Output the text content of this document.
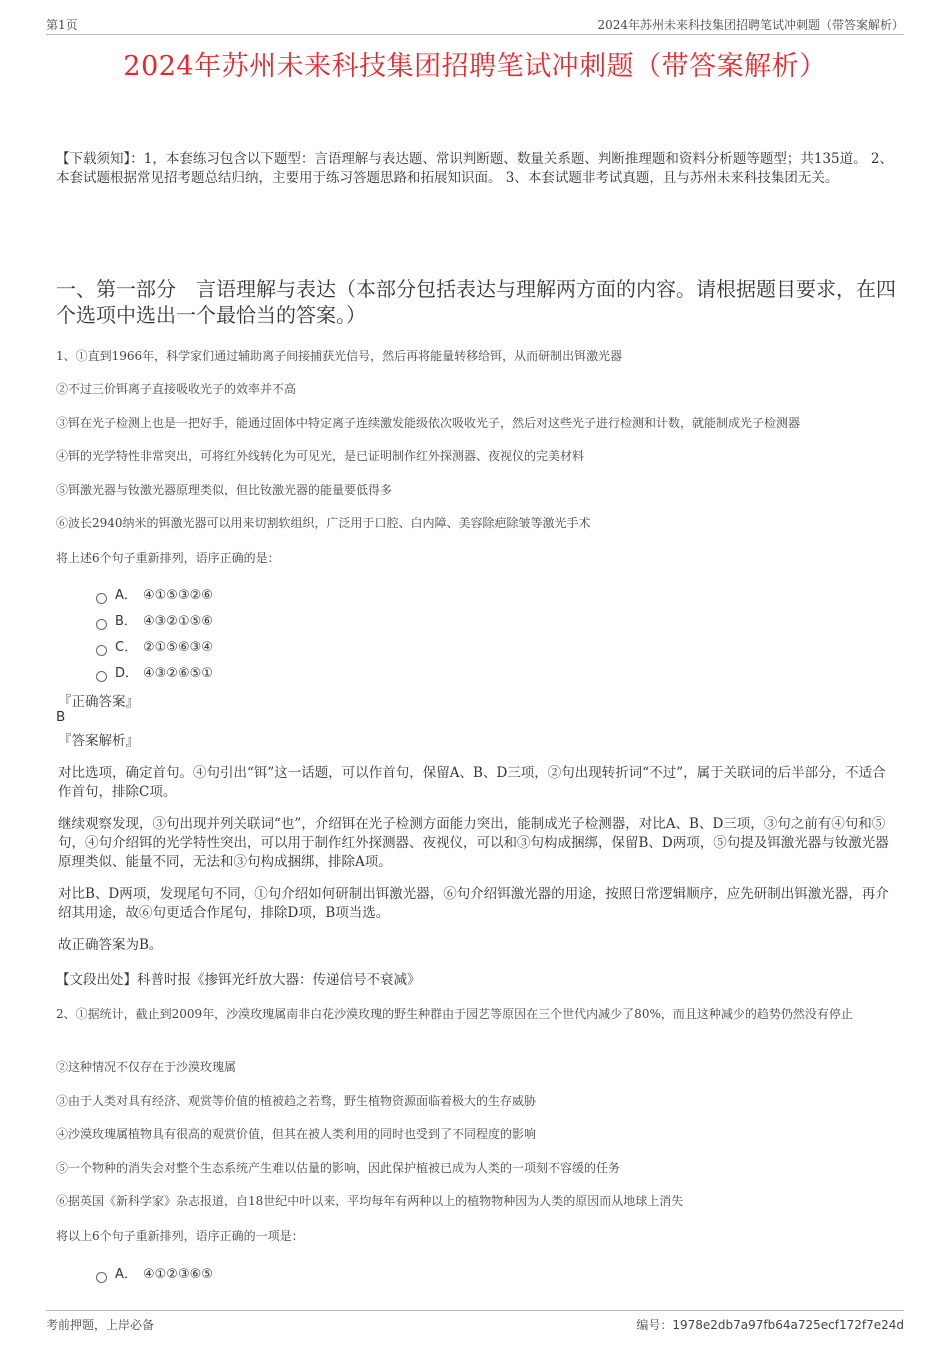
第1页	2024年苏州未来科技集团招聘笔试冲刺题（带答案解析）
2024年苏州未来科技集团招聘笔试冲刺题（带答案解析）
【下载须知】：1，本套练习包含以下题型：言语理解与表达题、常识判断题、数量关系题、判断推理题和资料分析题等题型；共135道。 2、本套试题根据常见招考题总结归纳，主要用于练习答题思路和拓展知识面。 3、本套试题非考试真题，且与苏州未来科技集团无关。
一、第一部分　言语理解与表达（本部分包括表达与理解两方面的内容。请根据题目要求，在四个选项中选出一个最恰当的答案。）
1、①直到1966年，科学家们通过辅助离子间接捕获光信号，然后再将能量转移给铒，从而研制出铒激光器
②不过三价铒离子直接吸收光子的效率并不高
③铒在光子检测上也是一把好手，能通过固体中特定离子连续激发能级依次吸收光子，然后对这些光子进行检测和计数，就能制成光子检测器
④铒的光学特性非常突出，可将红外线转化为可见光，是已证明制作红外探测器、夜视仪的完美材料
⑤铒激光器与钕激光器原理类似，但比钕激光器的能量要低得多
⑥波长2940纳米的铒激光器可以用来切割软组织，广泛用于口腔、白内障、美容除疤除皱等激光手术
将上述6个句子重新排列，语序正确的是：
A． ④①⑤③②⑥
B． ④③②①⑤⑥
C． ②①⑤⑥③④
D． ④③②⑥⑤①
『正确答案』
B
『答案解析』
对比选项，确定首句。④句引出“铒”这一话题，可以作首句，保留A、B、D三项，②句出现转折词“不过”，属于关联词的后半部分，不适合作首句，排除C项。
继续观察发现，③句出现并列关联词“也”，介绍铒在光子检测方面能力突出，能制成光子检测器，对比A、B、D三项，③句之前有④句和⑤句，④句介绍铒的光学特性突出，可以用于制作红外探测器、夜视仪，可以和③句构成捆绑，保留B、D两项，⑤句提及铒激光器与钕激光器原理类似、能量不同，无法和③句构成捆绑，排除A项。
对比B、D两项，发现尾句不同，①句介绍如何研制出铒激光器，⑥句介绍铒激光器的用途，按照日常逻辑顺序，应先研制出铒激光器，再介绍其用途，故⑥句更适合作尾句，排除D项，B项当选。
故正确答案为B。
【文段出处】科普时报《掺铒光纤放大器：传递信号不衰减》
2、①据统计，截止到2009年，沙漠玫瑰属南非白花沙漠玫瑰的野生种群由于园艺等原因在三个世代内减少了80%，而且这种减少的趋势仍然没有停止
②这种情况不仅存在于沙漠玫瑰属
③由于人类对具有经济、观赏等价值的植被趋之若骛，野生植物资源面临着极大的生存威胁
④沙漠玫瑰属植物具有很高的观赏价值，但其在被人类利用的同时也受到了不同程度的影响
⑤一个物种的消失会对整个生态系统产生难以估量的影响，因此保护植被已成为人类的一项刻不容缓的任务
⑥据英国《新科学家》杂志报道，自18世纪中叶以来，平均每年有两种以上的植物物种因为人类的原因而从地球上消失
将以上6个句子重新排列，语序正确的一项是：
A． ④①②③⑥⑤
考前押题，上岸必备	编号：1978e2db7a97fb64a725ecf172f7e24d
